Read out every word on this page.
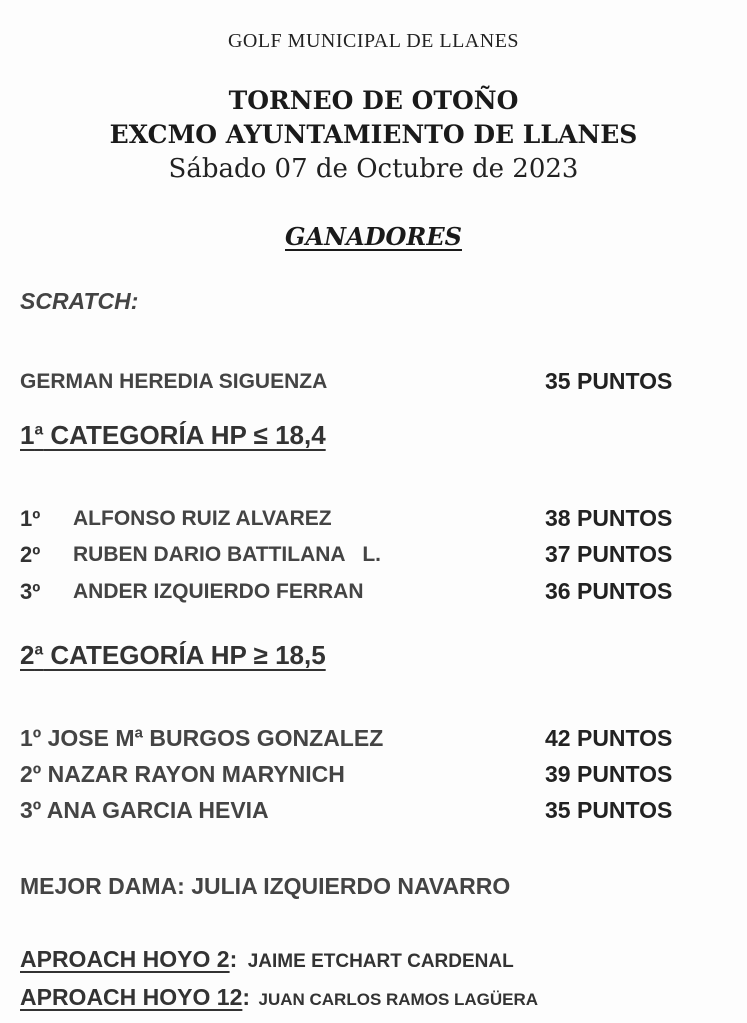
GOLF MUNICIPAL DE LLANES
TORNEO DE OTOÑO
EXCMO AYUNTAMIENTO DE LLANES
Sábado 07 de Octubre de 2023
GANADORES
SCRATCH:
GERMAN HEREDIA SIGUENZA	35 PUNTOS
1$^a$ CATEGORÍA HP ≤ 18,4
1º ALFONSO RUIZ ALVAREZ	38 PUNTOS
2º RUBEN DARIO BATTILANA   L.	37 PUNTOS
3º ANDER IZQUIERDO FERRAN	36 PUNTOS
2$^a$ CATEGORÍA HP ≥ 18,5
1º JOSE Mª BURGOS GONZALEZ	42 PUNTOS
2º NAZAR RAYON MARYNICH	39 PUNTOS
3º ANA GARCIA HEVIA	35 PUNTOS
MEJOR DAMA: JULIA IZQUIERDO NAVARRO
APROACH HOYO 2: JAIME ETCHART CARDENAL
APROACH HOYO 12: JUAN CARLOS RAMOS LAGÜERA
